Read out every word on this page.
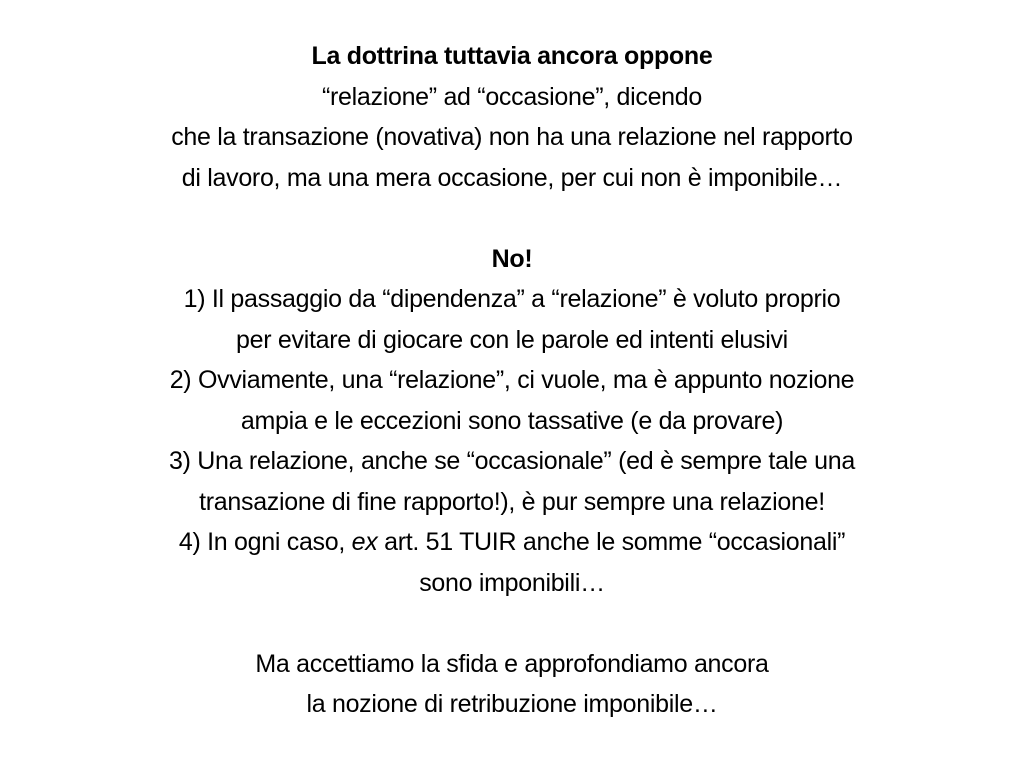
La dottrina tuttavia ancora oppone
“relazione” ad “occasione”, dicendo
che la transazione (novativa) non ha una relazione nel rapporto
di lavoro, ma una mera occasione, per cui non è imponibile…
No!
1) Il passaggio da “dipendenza” a “relazione” è voluto proprio
per evitare di giocare con le parole ed intenti elusivi
2) Ovviamente, una “relazione”, ci vuole, ma è appunto nozione
ampia e le eccezioni sono tassative (e da provare)
3) Una relazione, anche se “occasionale” (ed è sempre tale una
transazione di fine rapporto!), è pur sempre una relazione!
4) In ogni caso, ex art. 51 TUIR anche le somme “occasionali”
sono imponibili…
Ma accettiamo la sfida e approfondiamo ancora
la nozione di retribuzione imponibile…
